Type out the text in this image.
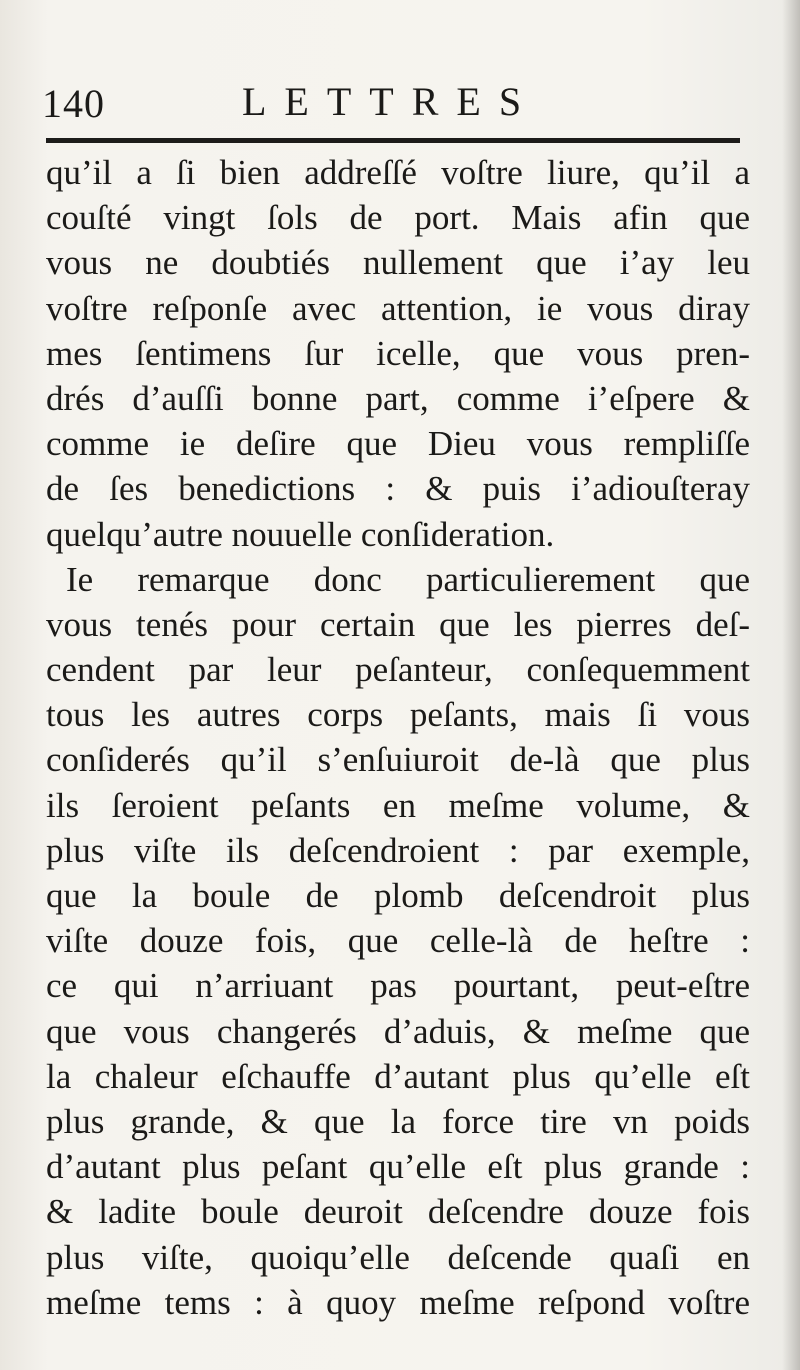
140	LETTRES
qu’il a ſi bien addreſſé voſtre liure, qu’il a
couſté vingt ſols de port. Mais afin que
vous ne doubtiés nullement que i’ay leu
voſtre reſponſe avec attention, ie vous diray
mes ſentimens ſur icelle, que vous pren-
drés d’auſſi bonne part, comme i’eſpere &
comme ie deſire que Dieu vous rempliſſe
de ſes benedictions : & puis i’adiouſteray
quelqu’autre nouuelle conſideration.
Ie remarque donc particulierement que
vous tenés pour certain que les pierres deſ-
cendent par leur peſanteur, conſequemment
tous les autres corps peſants, mais ſi vous
conſiderés qu’il s’enſuiuroit de-là que plus
ils ſeroient peſants en meſme volume, &
plus viſte ils deſcendroient : par exemple,
que la boule de plomb deſcendroit plus
viſte douze fois, que celle-là de heſtre :
ce qui n’arriuant pas pourtant, peut-eſtre
que vous changerés d’aduis, & meſme que
la chaleur eſchauffe d’autant plus qu’elle eſt
plus grande, & que la force tire vn poids
d’autant plus peſant qu’elle eſt plus grande :
& ladite boule deuroit deſcendre douze fois
plus viſte, quoiqu’elle deſcende quaſi en
meſme tems : à quoy meſme reſpond voſtre
